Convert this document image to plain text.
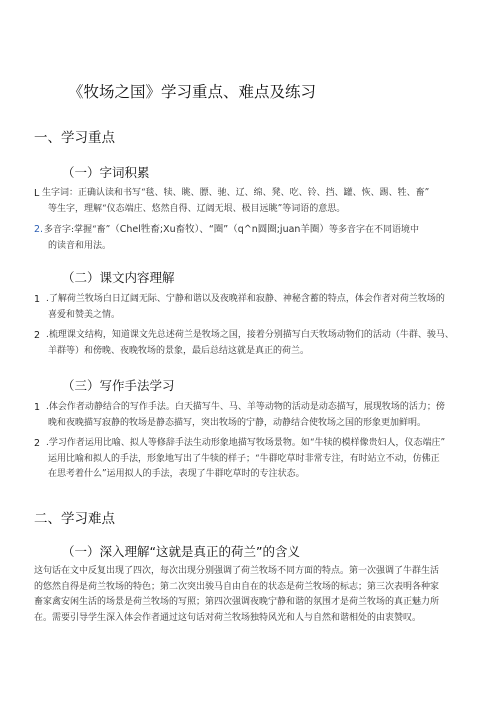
《牧场之国》学习重点、难点及练习
一、学习重点
（一）字词积累
L 生字词：正确认读和书写“毯、犊、眺、膘、驰、辽、绵、凳、吃、铃、挡、罐、恢、踢、牲、畜”
等生字，理解“仪态端庄、悠然自得、辽阔无垠、极目远眺”等词语的意思。
2. 多音字:掌握“畜”（Chel牲畜;Xu畜牧）、“圈”（q^n圆圈;juan羊圈）等多音字在不同语境中
的读音和用法。
（二）课文内容理解
1 .了解荷兰牧场白日辽阔无际、宁静和谐以及夜晚祥和寂静、神秘含蓄的特点，体会作者对荷兰牧场的
喜爱和赞美之情。
2 .梳理课文结构，知道课文先总述荷兰是牧场之国，接着分别描写白天牧场动物们的活动（牛群、骏马、
羊群等）和傍晚、夜晚牧场的景象，最后总结这就是真正的荷兰。
（三）写作手法学习
1 .体会作者动静结合的写作手法。白天描写牛、马、羊等动物的活动是动态描写，展现牧场的活力；傍
晚和夜晚描写寂静的牧场是静态描写，突出牧场的宁静，动静结合使牧场之国的形象更加鲜明。
2 .学习作者运用比喻、拟人等修辞手法生动形象地描写牧场景物。如“牛犊的模样像贵妇人，仪态端庄”
运用比喻和拟人的手法，形象地写出了牛犊的样子；“牛群吃草时非常专注，有时站立不动，仿佛正
在思考着什么”运用拟人的手法，表现了牛群吃草时的专注状态。
二、学习难点
（一）深入理解“这就是真正的荷兰”的含义
这句话在文中反复出现了四次，每次出现分别强调了荷兰牧场不同方面的特点。第一次强调了牛群生活
的悠然自得是荷兰牧场的特色；第二次突出骏马自由自在的状态是荷兰牧场的标志；第三次表明各种家
畜家禽安闲生活的场景是荷兰牧场的写照；第四次强调夜晚宁静和谐的氛围才是荷兰牧场的真正魅力所
在。需要引导学生深入体会作者通过这句话对荷兰牧场独特风光和人与自然和谐相处的由衷赞叹。
